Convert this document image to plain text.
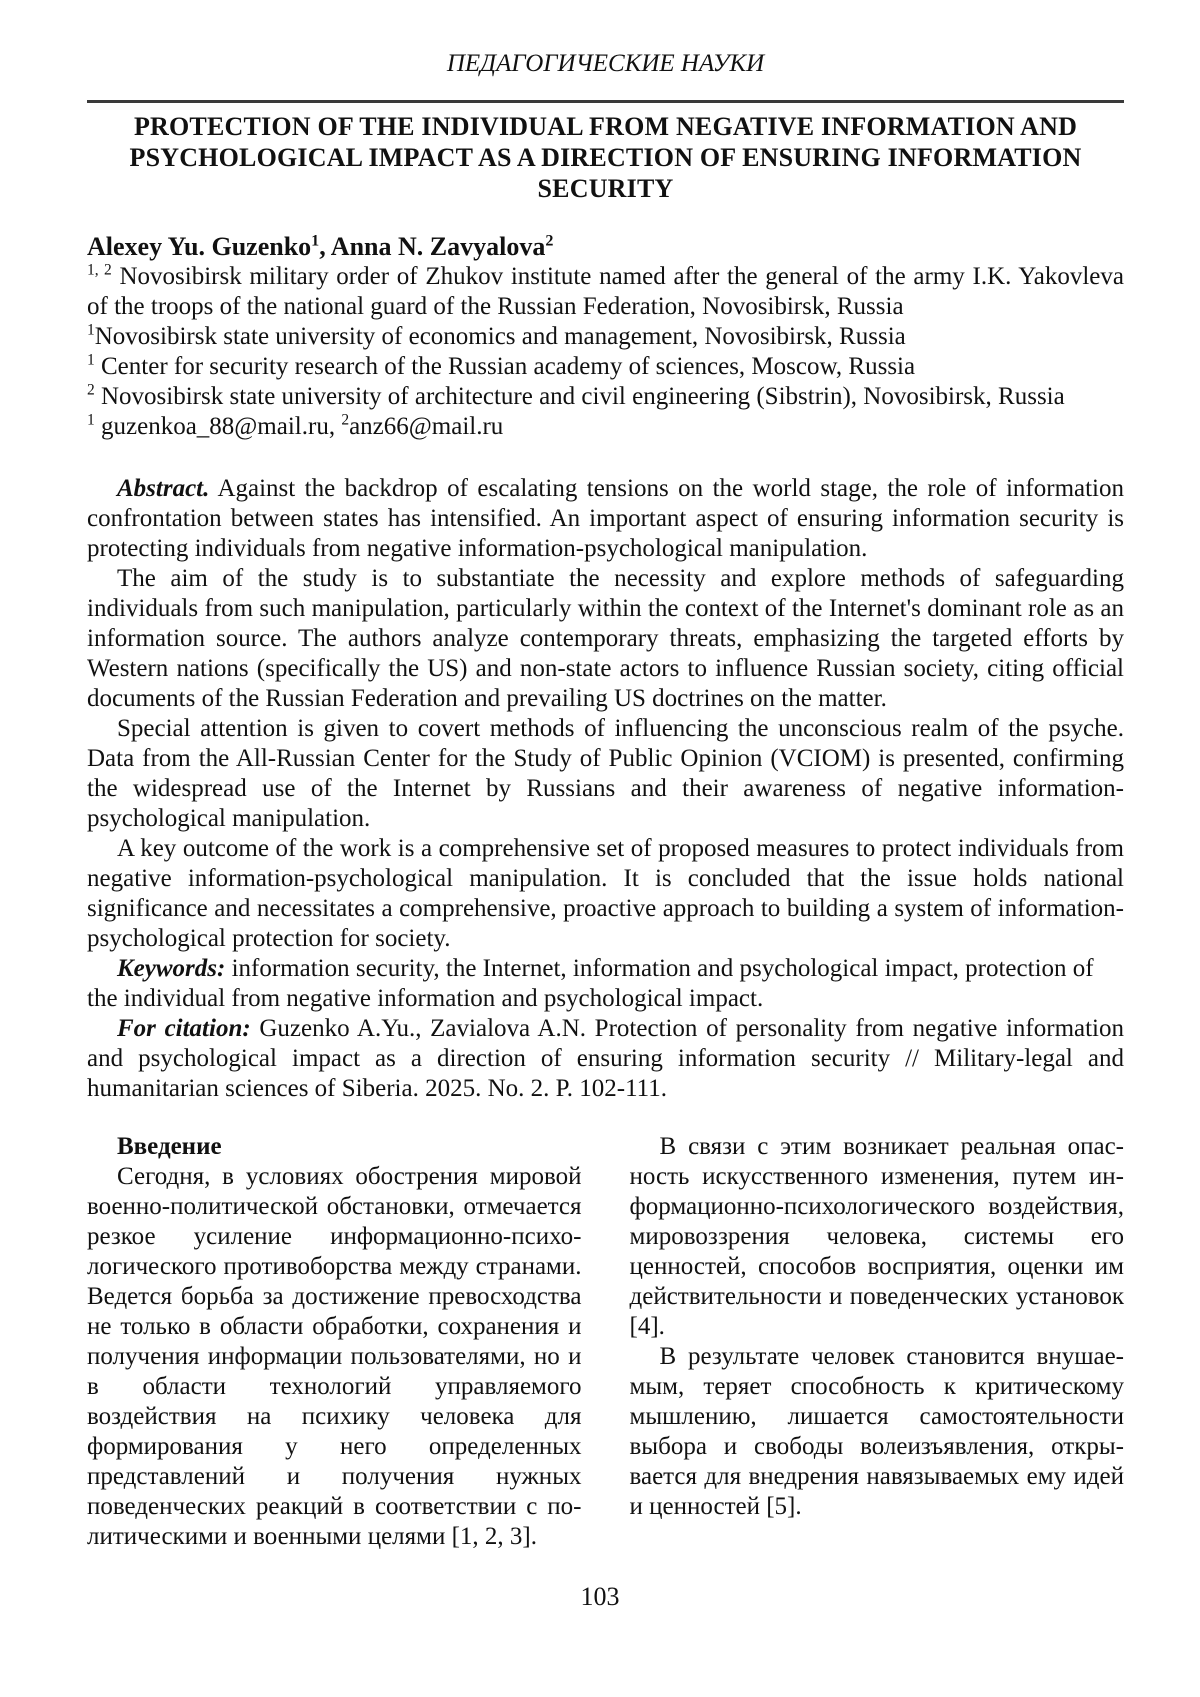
ПЕДАГОГИЧЕСКИЕ НАУКИ

PROTECTION OF THE INDIVIDUAL FROM NEGATIVE INFORMATION AND PSYCHOLOGICAL IMPACT AS A DIRECTION OF ENSURING INFORMATION SECURITY

Alexey Yu. Guzenko$^1$, Anna N. Zavyalova$^2$

$^{1, 2}$ Novosibirsk military order of Zhukov institute named after the general of the army I.K. Yakovleva of the troops of the national guard of the Russian Federation, Novosibirsk, Russia

$^1$Novosibirsk state university of economics and management, Novosibirsk, Russia

$^1$ Center for security research of the Russian academy of sciences, Moscow, Russia

$^2$ Novosibirsk state university of architecture and civil engineering (Sibstrin), Novosibirsk, Russia

$^1$ guzenkoa_88@mail.ru, $^2$anz66@mail.ru

Abstract. Against the backdrop of escalating tensions on the world stage, the role of information confrontation between states has intensified. An important aspect of ensuring information security is protecting individuals from negative information-psychological manipulation.

The aim of the study is to substantiate the necessity and explore methods of safeguarding individuals from such manipulation, particularly within the context of the Internet's dominant role as an information source. The authors analyze contemporary threats, emphasizing the targeted efforts by Western nations (specifically the US) and non-state actors to influence Russian society, citing official documents of the Russian Federation and prevailing US doctrines on the matter.

Special attention is given to covert methods of influencing the unconscious realm of the psyche. Data from the All-Russian Center for the Study of Public Opinion (VCIOM) is presented, confirming the widespread use of the Internet by Russians and their awareness of negative information-psychological manipulation.

A key outcome of the work is a comprehensive set of proposed measures to protect individuals from negative information-psychological manipulation. It is concluded that the issue holds national significance and necessitates a comprehensive, proactive approach to building a system of information-psychological protection for society.

Keywords: information security, the Internet, information and psychological impact, protection of the individual from negative information and psychological impact.

For citation: Guzenko A.Yu., Zavialova A.N. Protection of personality from negative information and psychological impact as a direction of ensuring information security // Military-legal and humanitarian sciences of Siberia. 2025. No. 2. P. 102-111.

Введение

Сегодня, в условиях обострения мировой военно-политической обстановки, отмечается резкое усиление информационно-психологического противоборства между странами. Ведется борьба за достижение превосходства не только в области обработки, сохранения и получения информации пользователями, но и в области технологий управляемого воздействия на психику человека для формирования у него определенных представлений и получения нужных поведенческих реакций в соответствии с политическими и военными целями [1, 2, 3].

В связи с этим возникает реальная опасность искусственного изменения, путем информационно-психологического воздействия, мировоззрения человека, системы его ценностей, способов восприятия, оценки им действительности и поведенческих установок [4].

В результате человек становится внушаемым, теряет способность к критическому мышлению, лишается самостоятельности выбора и свободы волеизъявления, открывается для внедрения навязываемых ему идей и ценностей [5].

103
